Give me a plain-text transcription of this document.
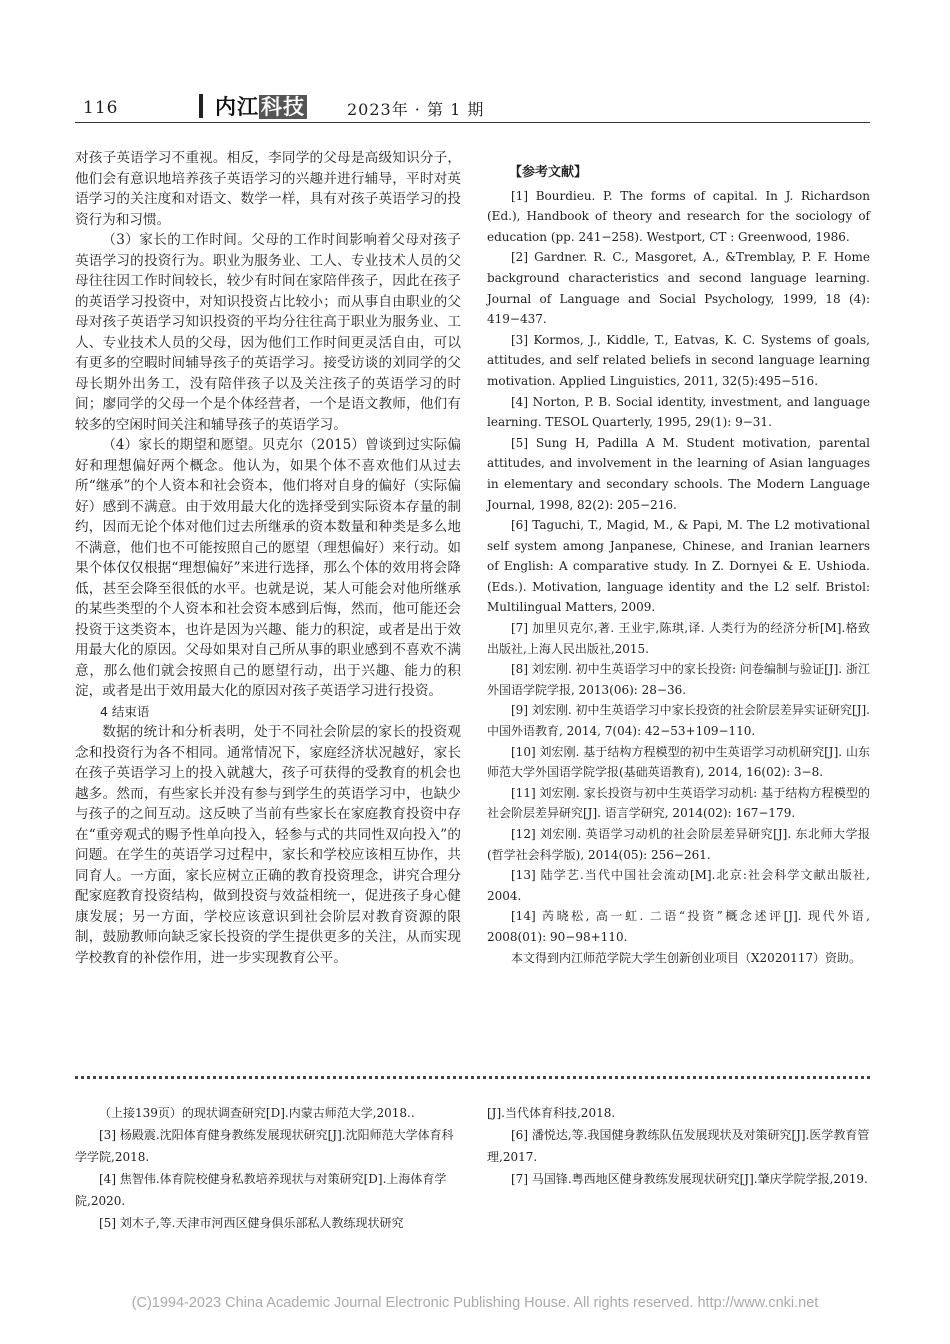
116	内江科技	2023年 · 第 1 期

对孩子英语学习不重视。相反，李同学的父母是高级知识分子，他们会有意识地培养孩子英语学习的兴趣并进行辅导，平时对英语学习的关注度和对语文、数学一样，具有对孩子英语学习的投资行为和习惯。

（3）家长的工作时间。父母的工作时间影响着父母对孩子英语学习的投资行为。职业为服务业、工人、专业技术人员的父母往往因工作时间较长，较少有时间在家陪伴孩子，因此在孩子的英语学习投资中，对知识投资占比较小；而从事自由职业的父母对孩子英语学习知识投资的平均分往往高于职业为服务业、工人、专业技术人员的父母，因为他们工作时间更灵活自由，可以有更多的空暇时间辅导孩子的英语学习。接受访谈的刘同学的父母长期外出务工，没有陪伴孩子以及关注孩子的英语学习的时间；廖同学的父母一个是个体经营者，一个是语文教师，他们有较多的空闲时间关注和辅导孩子的英语学习。

（4）家长的期望和愿望。贝克尔（2015）曾谈到过实际偏好和理想偏好两个概念。他认为，如果个体不喜欢他们从过去所“继承”的个人资本和社会资本，他们将对自身的偏好（实际偏好）感到不满意。由于效用最大化的选择受到实际资本存量的制约，因而无论个体对他们过去所继承的资本数量和种类是多么地不满意，他们也不可能按照自己的愿望（理想偏好）来行动。如果个体仅仅根据“理想偏好”来进行选择，那么个体的效用将会降低，甚至会降至很低的水平。也就是说，某人可能会对他所继承的某些类型的个人资本和社会资本感到后悔，然而，他可能还会投资于这类资本，也许是因为兴趣、能力的积淀，或者是出于效用最大化的原因。父母如果对自己所从事的职业感到不喜欢不满意，那么他们就会按照自己的愿望行动，出于兴趣、能力的积淀，或者是出于效用最大化的原因对孩子英语学习进行投资。

4 结束语

数据的统计和分析表明，处于不同社会阶层的家长的投资观念和投资行为各不相同。通常情况下，家庭经济状况越好，家长在孩子英语学习上的投入就越大，孩子可获得的受教育的机会也越多。然而，有些家长并没有参与到学生的英语学习中，也缺少与孩子的之间互动。这反映了当前有些家长在家庭教育投资中存在“重旁观式的赐予性单向投入，轻参与式的共同性双向投入”的问题。在学生的英语学习过程中，家长和学校应该相互协作，共同育人。一方面，家长应树立正确的教育投资理念，讲究合理分配家庭教育投资结构，做到投资与效益相统一，促进孩子身心健康发展；另一方面，学校应该意识到社会阶层对教育资源的限制，鼓励教师向缺乏家长投资的学生提供更多的关注，从而实现学校教育的补偿作用，进一步实现教育公平。

【参考文献】

[1] Bourdieu. P. The forms of capital. In J. Richardson (Ed.), Handbook of theory and research for the sociology of education (pp. 241−258). Westport, CT : Greenwood, 1986.

[2] Gardner. R. C., Masgoret, A., &Tremblay, P. F. Home background characteristics and second language learning. Journal of Language and Social Psychology, 1999, 18 (4): 419−437.

[3] Kormos, J., Kiddle, T., Eatvas, K. C. Systems of goals, attitudes, and self related beliefs in second language learning motivation. Applied Linguistics, 2011, 32(5):495−516.

[4] Norton, P. B. Social identity, investment, and language learning. TESOL Quarterly, 1995, 29(1): 9−31.

[5] Sung H, Padilla A M. Student motivation, parental attitudes, and involvement in the learning of Asian languages in elementary and secondary schools. The Modern Language Journal, 1998, 82(2): 205−216.

[6] Taguchi, T., Magid, M., & Papi, M. The L2 motivational self system among Janpanese, Chinese, and Iranian learners of English: A comparative study. In Z. Dornyei & E. Ushioda. (Eds.). Motivation, language identity and the L2 self. Bristol: Multilingual Matters, 2009.

[7] 加里贝克尔,著. 王业宇,陈琪,译. 人类行为的经济分析[M].格致出版社,上海人民出版社,2015.

[8] 刘宏刚. 初中生英语学习中的家长投资: 问卷编制与验证[J]. 浙江外国语学院学报, 2013(06): 28−36.

[9] 刘宏刚. 初中生英语学习中家长投资的社会阶层差异实证研究[J]. 中国外语教育, 2014, 7(04): 42−53+109−110.

[10] 刘宏刚. 基于结构方程模型的初中生英语学习动机研究[J]. 山东师范大学外国语学院学报(基础英语教育), 2014, 16(02): 3−8.

[11] 刘宏刚. 家长投资与初中生英语学习动机: 基于结构方程模型的社会阶层差异研究[J]. 语言学研究, 2014(02): 167−179.

[12] 刘宏刚. 英语学习动机的社会阶层差异研究[J]. 东北师大学报(哲学社会科学版), 2014(05): 256−261.

[13] 陆学艺.当代中国社会流动[M].北京:社会科学文献出版社, 2004.

[14] 芮晓松, 高一虹. 二语“投资”概念述评[J]. 现代外语, 2008(01): 90−98+110.

本文得到内江师范学院大学生创新创业项目（X2020117）资助。

（上接139页）的现状调查研究[D].内蒙古师范大学,2018..

[3] 杨殿震.沈阳体育健身教练发展现状研究[J].沈阳师范大学体育科学学院,2018.

[4] 焦智伟.体育院校健身私教培养现状与对策研究[D].上海体育学院,2020.

[5] 刘木子,等.天津市河西区健身俱乐部私人教练现状研究

[J].当代体育科技,2018.

[6] 潘悦达,等.我国健身教练队伍发展现状及对策研究[J].医学教育管理,2017.

[7] 马国锋.粤西地区健身教练发展现状研究[J].肇庆学院学报,2019.

(C)1994-2023 China Academic Journal Electronic Publishing House. All rights reserved. http://www.cnki.net
